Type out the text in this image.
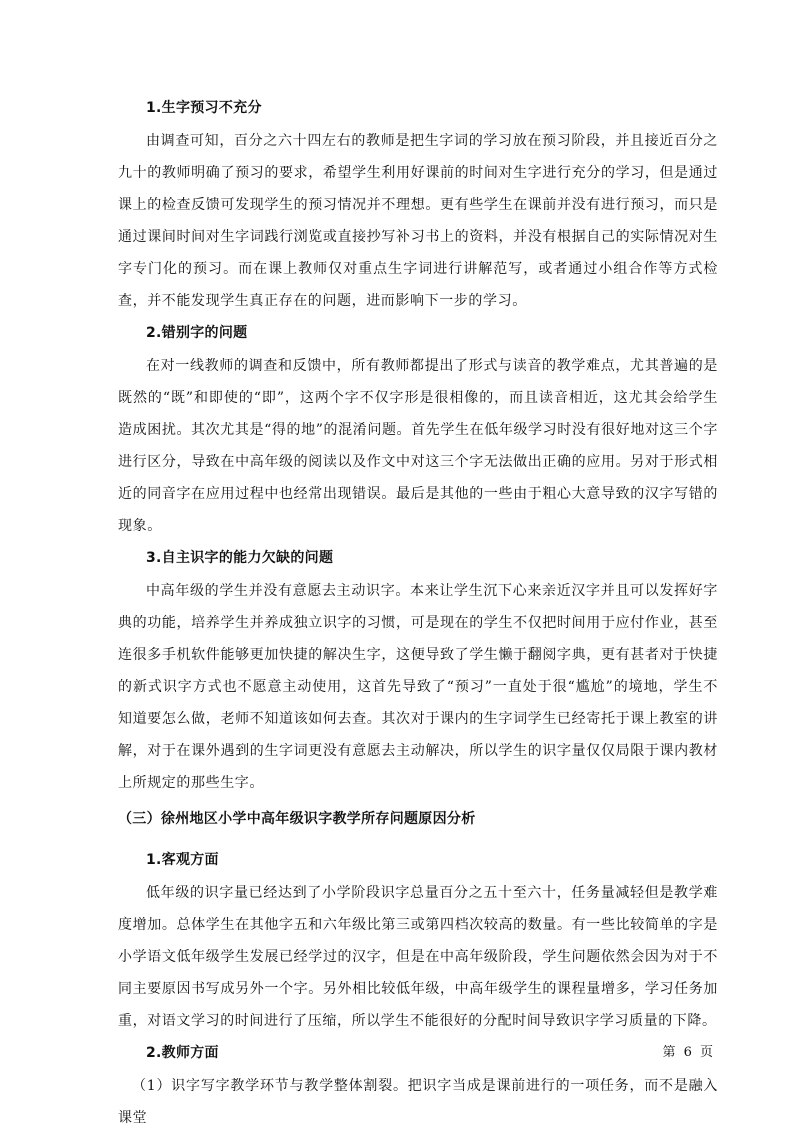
1.生字预习不充分

由调查可知，百分之六十四左右的教师是把生字词的学习放在预习阶段，并且接近百分之九十的教师明确了预习的要求，希望学生利用好课前的时间对生字进行充分的学习，但是通过课上的检查反馈可发现学生的预习情况并不理想。更有些学生在课前并没有进行预习，而只是通过课间时间对生字词践行浏览或直接抄写补习书上的资料，并没有根据自己的实际情况对生字专门化的预习。而在课上教师仅对重点生字词进行讲解范写，或者通过小组合作等方式检查，并不能发现学生真正存在的问题，进而影响下一步的学习。

2.错别字的问题

在对一线教师的调查和反馈中，所有教师都提出了形式与读音的教学难点，尤其普遍的是既然的“既”和即使的“即”，这两个字不仅字形是很相像的，而且读音相近，这尤其会给学生造成困扰。其次尤其是“得的地”的混淆问题。首先学生在低年级学习时没有很好地对这三个字进行区分，导致在中高年级的阅读以及作文中对这三个字无法做出正确的应用。另对于形式相近的同音字在应用过程中也经常出现错误。最后是其他的一些由于粗心大意导致的汉字写错的现象。

3.自主识字的能力欠缺的问题

中高年级的学生并没有意愿去主动识字。本来让学生沉下心来亲近汉字并且可以发挥好字典的功能，培养学生并养成独立识字的习惯，可是现在的学生不仅把时间用于应付作业，甚至连很多手机软件能够更加快捷的解决生字，这便导致了学生懒于翻阅字典，更有甚者对于快捷的新式识字方式也不愿意主动使用，这首先导致了“预习”一直处于很“尴尬”的境地，学生不知道要怎么做，老师不知道该如何去查。其次对于课内的生字词学生已经寄托于课上教室的讲解，对于在课外遇到的生字词更没有意愿去主动解决，所以学生的识字量仅仅局限于课内教材上所规定的那些生字。

（三）徐州地区小学中高年级识字教学所存问题原因分析
1.客观方面

低年级的识字量已经达到了小学阶段识字总量百分之五十至六十，任务量减轻但是教学难度增加。总体学生在其他字五和六年级比第三或第四档次较高的数量。有一些比较简单的字是小学语文低年级学生发展已经学过的汉字，但是在中高年级阶段，学生问题依然会因为对于不同主要原因书写成另外一个字。另外相比较低年级，中高年级学生的课程量增多，学习任务加重，对语文学习的时间进行了压缩，所以学生不能很好的分配时间导致识字学习质量的下降。

2.教师方面

（1）识字写字教学环节与教学整体割裂。把识字当成是课前进行的一项任务，而不是融入课堂

第 6 页
